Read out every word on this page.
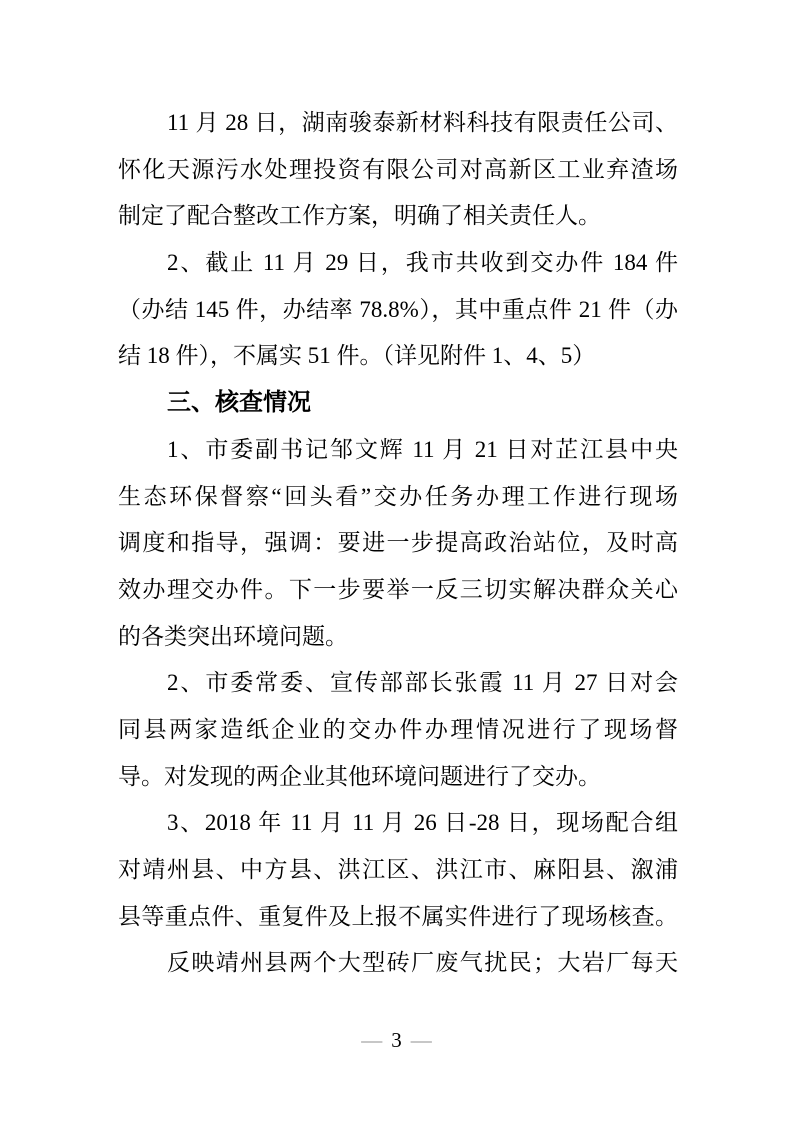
11 月 28 日，湖南骏泰新材料科技有限责任公司、
怀化天源污水处理投资有限公司对高新区工业弃渣场
制定了配合整改工作方案，明确了相关责任人。
2、截止 11 月 29 日，我市共收到交办件 184 件
（办结 145 件，办结率 78.8%），其中重点件 21 件（办
结 18 件），不属实 51 件。（详见附件 1、4、5）
三、核查情况
1、市委副书记邹文辉 11 月 21 日对芷江县中央
生态环保督察“回头看”交办任务办理工作进行现场
调度和指导，强调：要进一步提高政治站位，及时高
效办理交办件。下一步要举一反三切实解决群众关心
的各类突出环境问题。
2、市委常委、宣传部部长张霞 11 月 27 日对会
同县两家造纸企业的交办件办理情况进行了现场督
导。对发现的两企业其他环境问题进行了交办。
3、2018 年 11 月 11 月 26 日-28 日，现场配合组
对靖州县、中方县、洪江区、洪江市、麻阳县、溆浦
县等重点件、重复件及上报不属实件进行了现场核查。
反映靖州县两个大型砖厂废气扰民；大岩厂每天
— 3 —
